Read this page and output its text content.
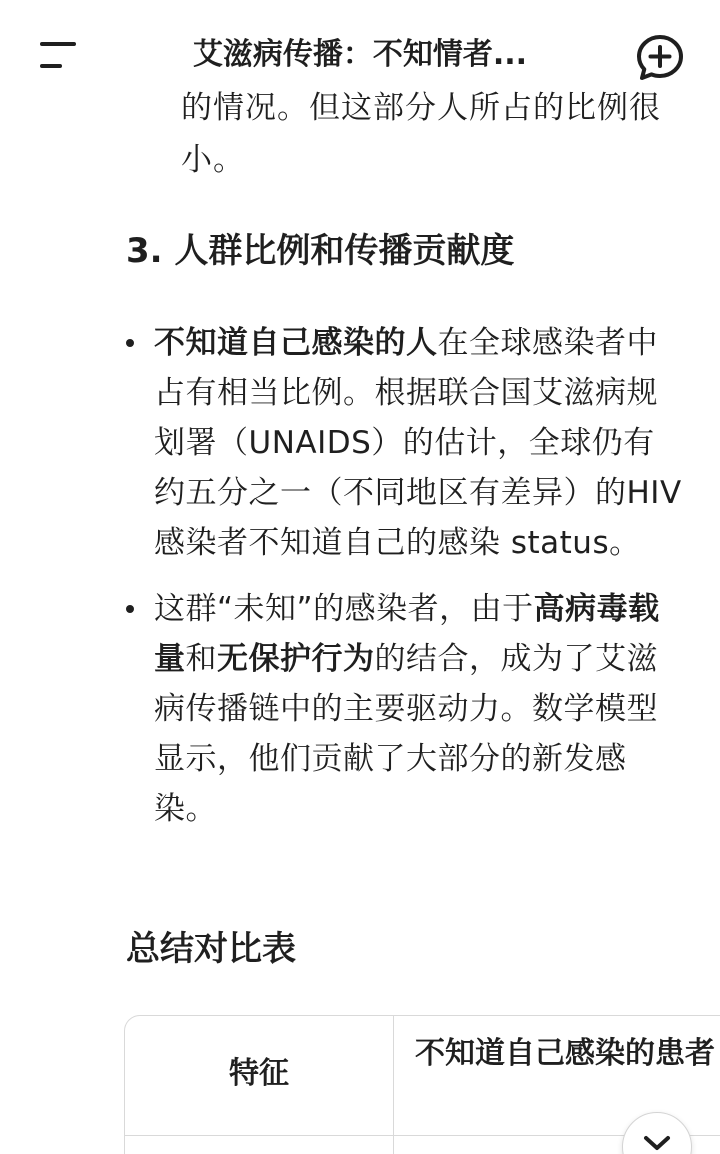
的情况。但这部分人所占的比例很小。
3. 人群比例和传播贡献度
不知道自己感染的人在全球感染者中占有相当比例。根据联合国艾滋病规划署（UNAIDS）的估计，全球仍有约五分之一（不同地区有差异）的HIV感染者不知道自己的感染 status。
这群“未知”的感染者，由于高病毒载量和无保护行为的结合，成为了艾滋病传播链中的主要驱动力。数学模型显示，他们贡献了大部分的新发感染。
总结对比表
特征
不知道自己感染的患者
艾滋病传播：不知情者...
